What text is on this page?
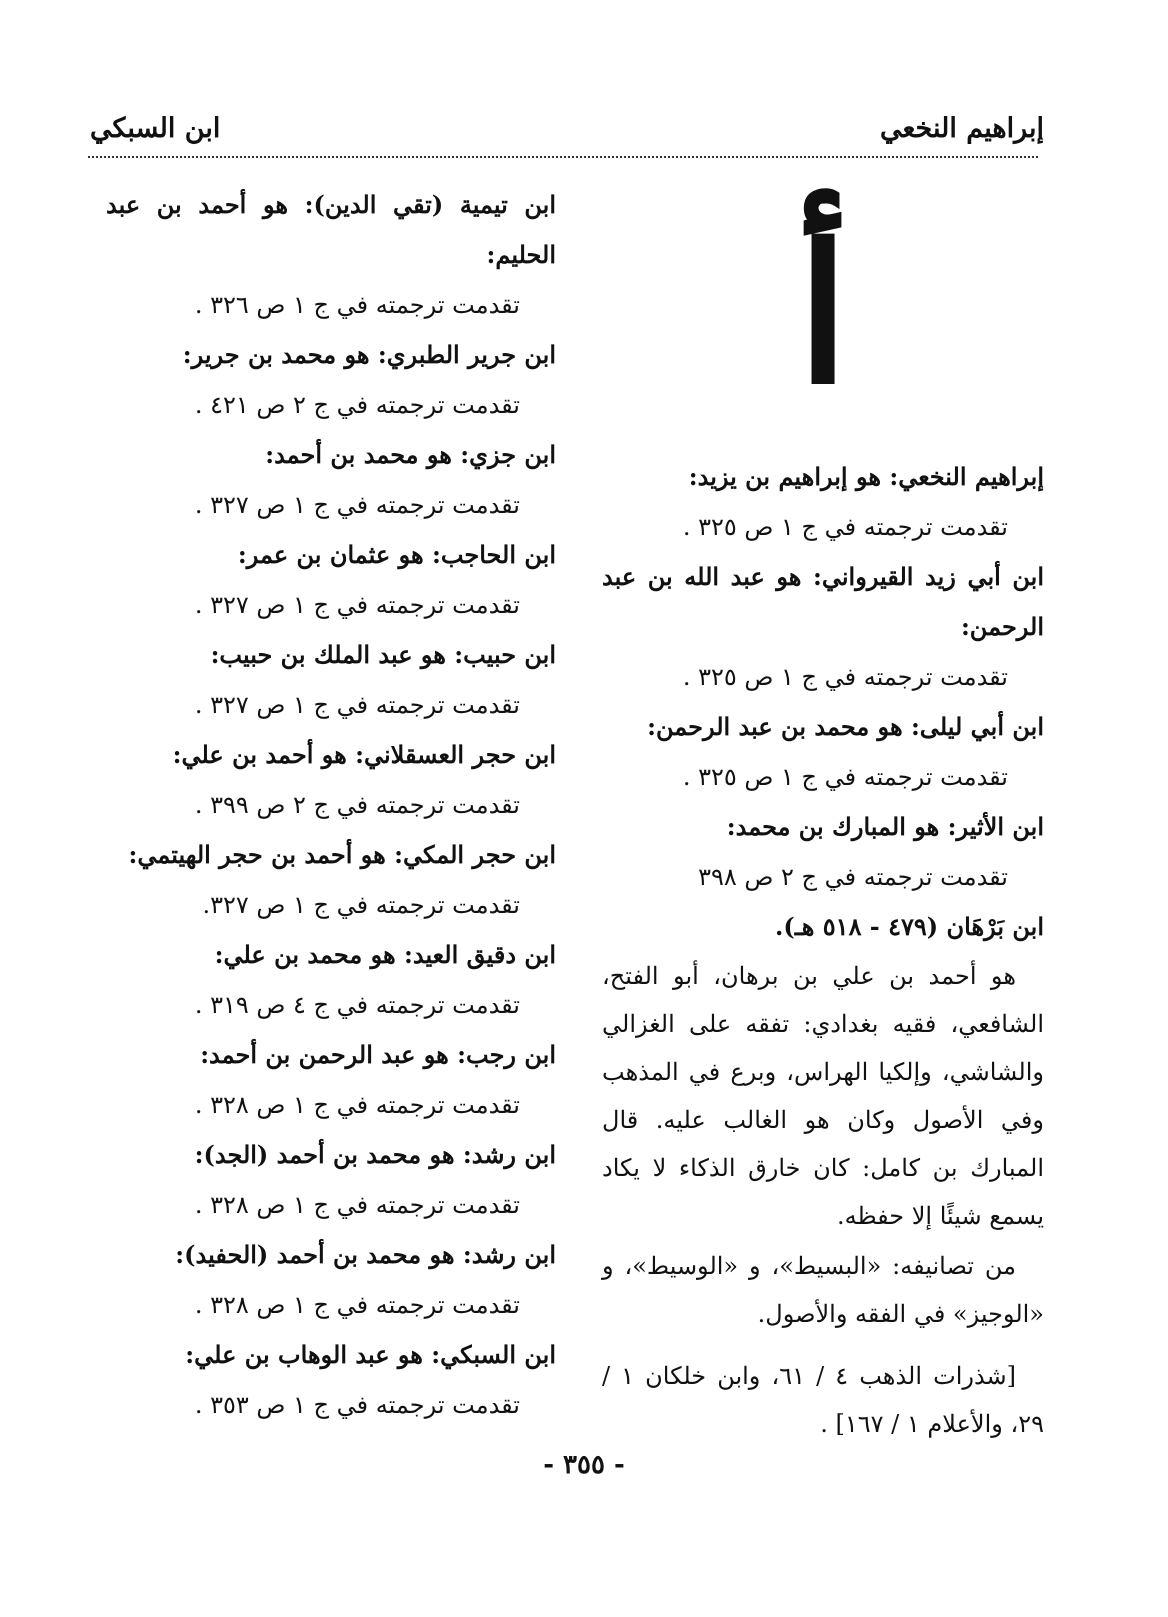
إبراهيم النخعي
ابن السبكي
أ
إبراهيم النخعي: هو إبراهيم بن يزيد:
تقدمت ترجمته في ج ١ ص ٣٢٥ .
ابن أبي زيد القيرواني: هو عبد الله بن عبد الرحمن:
تقدمت ترجمته في ج ١ ص ٣٢٥ .
ابن أبي ليلى: هو محمد بن عبد الرحمن:
تقدمت ترجمته في ج ١ ص ٣٢٥ .
ابن الأثير: هو المبارك بن محمد:
تقدمت ترجمته في ج ٢ ص ٣٩٨
ابن بَرْهَان (٤٧٩ - ٥١٨ هـ).
هو أحمد بن علي بن برهان، أبو الفتح، الشافعي، فقيه بغدادي: تفقه على الغزالي والشاشي، وإلكيا الهراس، وبرع في المذهب وفي الأصول وكان هو الغالب عليه. قال المبارك بن كامل: كان خارق الذكاء لا يكاد يسمع شيئًا إلا حفظه.
من تصانيفه: «البسيط»، و «الوسيط»، و «الوجيز» في الفقه والأصول.
[شذرات الذهب ٤ / ٦١، وابن خلكان ١ / ٢٩، والأعلام ١ / ١٦٧] .
ابن تيمية (تقي الدين): هو أحمد بن عبد الحليم:
تقدمت ترجمته في ج ١ ص ٣٢٦ .
ابن جرير الطبري: هو محمد بن جرير:
تقدمت ترجمته في ج ٢ ص ٤٢١ .
ابن جزي: هو محمد بن أحمد:
تقدمت ترجمته في ج ١ ص ٣٢٧ .
ابن الحاجب: هو عثمان بن عمر:
تقدمت ترجمته في ج ١ ص ٣٢٧ .
ابن حبيب: هو عبد الملك بن حبيب:
تقدمت ترجمته في ج ١ ص ٣٢٧ .
ابن حجر العسقلاني: هو أحمد بن علي:
تقدمت ترجمته في ج ٢ ص ٣٩٩ .
ابن حجر المكي: هو أحمد بن حجر الهيتمي:
تقدمت ترجمته في ج ١ ص ٣٢٧.
ابن دقيق العيد: هو محمد بن علي:
تقدمت ترجمته في ج ٤ ص ٣١٩ .
ابن رجب: هو عبد الرحمن بن أحمد:
تقدمت ترجمته في ج ١ ص ٣٢٨ .
ابن رشد: هو محمد بن أحمد (الجد):
تقدمت ترجمته في ج ١ ص ٣٢٨ .
ابن رشد: هو محمد بن أحمد (الحفيد):
تقدمت ترجمته في ج ١ ص ٣٢٨ .
ابن السبكي: هو عبد الوهاب بن علي:
تقدمت ترجمته في ج ١ ص ٣٥٣ .
- ٣٥٥ -
